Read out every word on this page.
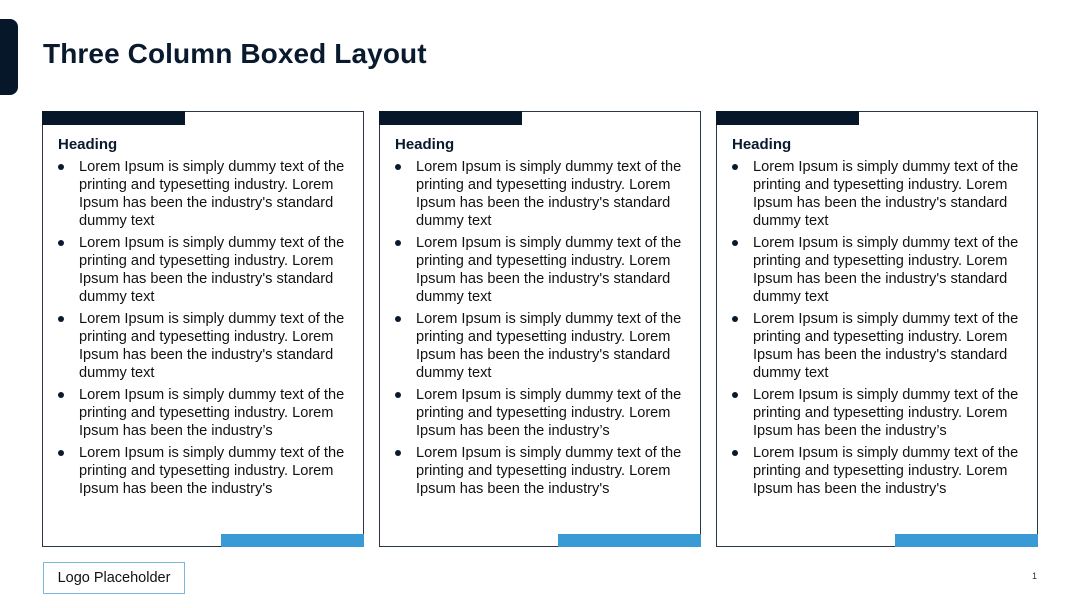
Three Column Boxed Layout
Heading
Lorem Ipsum is simply dummy text of the printing and typesetting industry. Lorem Ipsum has been the industry's standard dummy text
Lorem Ipsum is simply dummy text of the printing and typesetting industry. Lorem Ipsum has been the industry's standard dummy text
Lorem Ipsum is simply dummy text of the printing and typesetting industry. Lorem Ipsum has been the industry's standard dummy text
Lorem Ipsum is simply dummy text of the printing and typesetting industry. Lorem Ipsum has been the industry’s
Lorem Ipsum is simply dummy text of the printing and typesetting industry. Lorem Ipsum has been the industry's
Heading
Lorem Ipsum is simply dummy text of the printing and typesetting industry. Lorem Ipsum has been the industry's standard dummy text
Lorem Ipsum is simply dummy text of the printing and typesetting industry. Lorem Ipsum has been the industry's standard dummy text
Lorem Ipsum is simply dummy text of the printing and typesetting industry. Lorem Ipsum has been the industry's standard dummy text
Lorem Ipsum is simply dummy text of the printing and typesetting industry. Lorem Ipsum has been the industry’s
Lorem Ipsum is simply dummy text of the printing and typesetting industry. Lorem Ipsum has been the industry's
Heading
Lorem Ipsum is simply dummy text of the printing and typesetting industry. Lorem Ipsum has been the industry's standard dummy text
Lorem Ipsum is simply dummy text of the printing and typesetting industry. Lorem Ipsum has been the industry's standard dummy text
Lorem Ipsum is simply dummy text of the printing and typesetting industry. Lorem Ipsum has been the industry's standard dummy text
Lorem Ipsum is simply dummy text of the printing and typesetting industry. Lorem Ipsum has been the industry’s
Lorem Ipsum is simply dummy text of the printing and typesetting industry. Lorem Ipsum has been the industry's
Logo Placeholder	1
